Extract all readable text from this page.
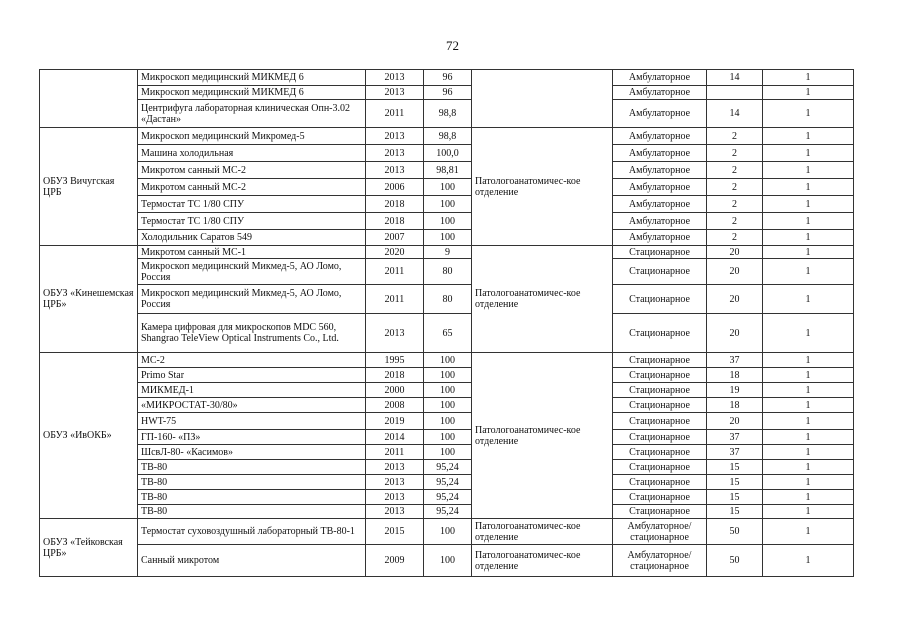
72
	Микроскоп медицинский МИКМЕД 6	2013	96		Амбулаторное	14	1
	Микроскоп медицинский МИКМЕД 6	2013	96		Амбулаторное		1
	Центрифуга лабораторная клиническая Опн-3.02 «Дастан»	2011	98,8		Амбулаторное	14	1
ОБУЗ Вичугская ЦРБ	Микроскоп медицинский Микромед-5	2013	98,8	Патологоанатомичес-кое отделение	Амбулаторное	2	1
	Машина холодильная	2013	100,0		Амбулаторное	2	1
	Микротом санный МС-2	2013	98,81		Амбулаторное	2	1
	Микротом санный МС-2	2006	100		Амбулаторное	2	1
	Термостат ТС 1/80 СПУ	2018	100		Амбулаторное	2	1
	Термостат ТС 1/80 СПУ	2018	100		Амбулаторное	2	1
	Холодильник Саратов 549	2007	100		Амбулаторное	2	1
ОБУЗ «Кинешемская ЦРБ»	Микротом санный МС-1	2020	9	Патологоанатомичес-кое отделение	Стационарное	20	1
	Микроскоп медицинский Микмед-5, АО Ломо, Россия	2011	80		Стационарное	20	1
	Микроскоп медицинский Микмед-5, АО Ломо, Россия	2011	80		Стационарное	20	1
	Камера цифровая для микроскопов MDC 560, Shangrao TeleView Optical Instruments Co., Ltd.	2013	65		Стационарное	20	1
ОБУЗ «ИвОКБ»	МС-2	1995	100	Патологоанатомичес-кое отделение	Стационарное	37	1
	Primo Star	2018	100		Стационарное	18	1
	МИКМЕД-1	2000	100		Стационарное	19	1
	«МИКРОСТАТ-30/80»	2008	100		Стационарное	18	1
	HWT-75	2019	100		Стационарное	20	1
	ГП-160- «ПЗ»	2014	100		Стационарное	37	1
	ШсвЛ-80- «Касимов»	2011	100		Стационарное	37	1
	ТВ-80	2013	95,24		Стационарное	15	1
	ТВ-80	2013	95,24		Стационарное	15	1
	ТВ-80	2013	95,24		Стационарное	15	1
	ТВ-80	2013	95,24		Стационарное	15	1
ОБУЗ «Тейковская ЦРБ»	Термостат суховоздушный лабораторный ТВ-80-1	2015	100	Патологоанатомичес-кое отделение	Амбулаторное/ стационарное	50	1
	Санный микротом	2009	100	Патологоанатомичес-кое отделение	Амбулаторное/ стационарное	50	1
